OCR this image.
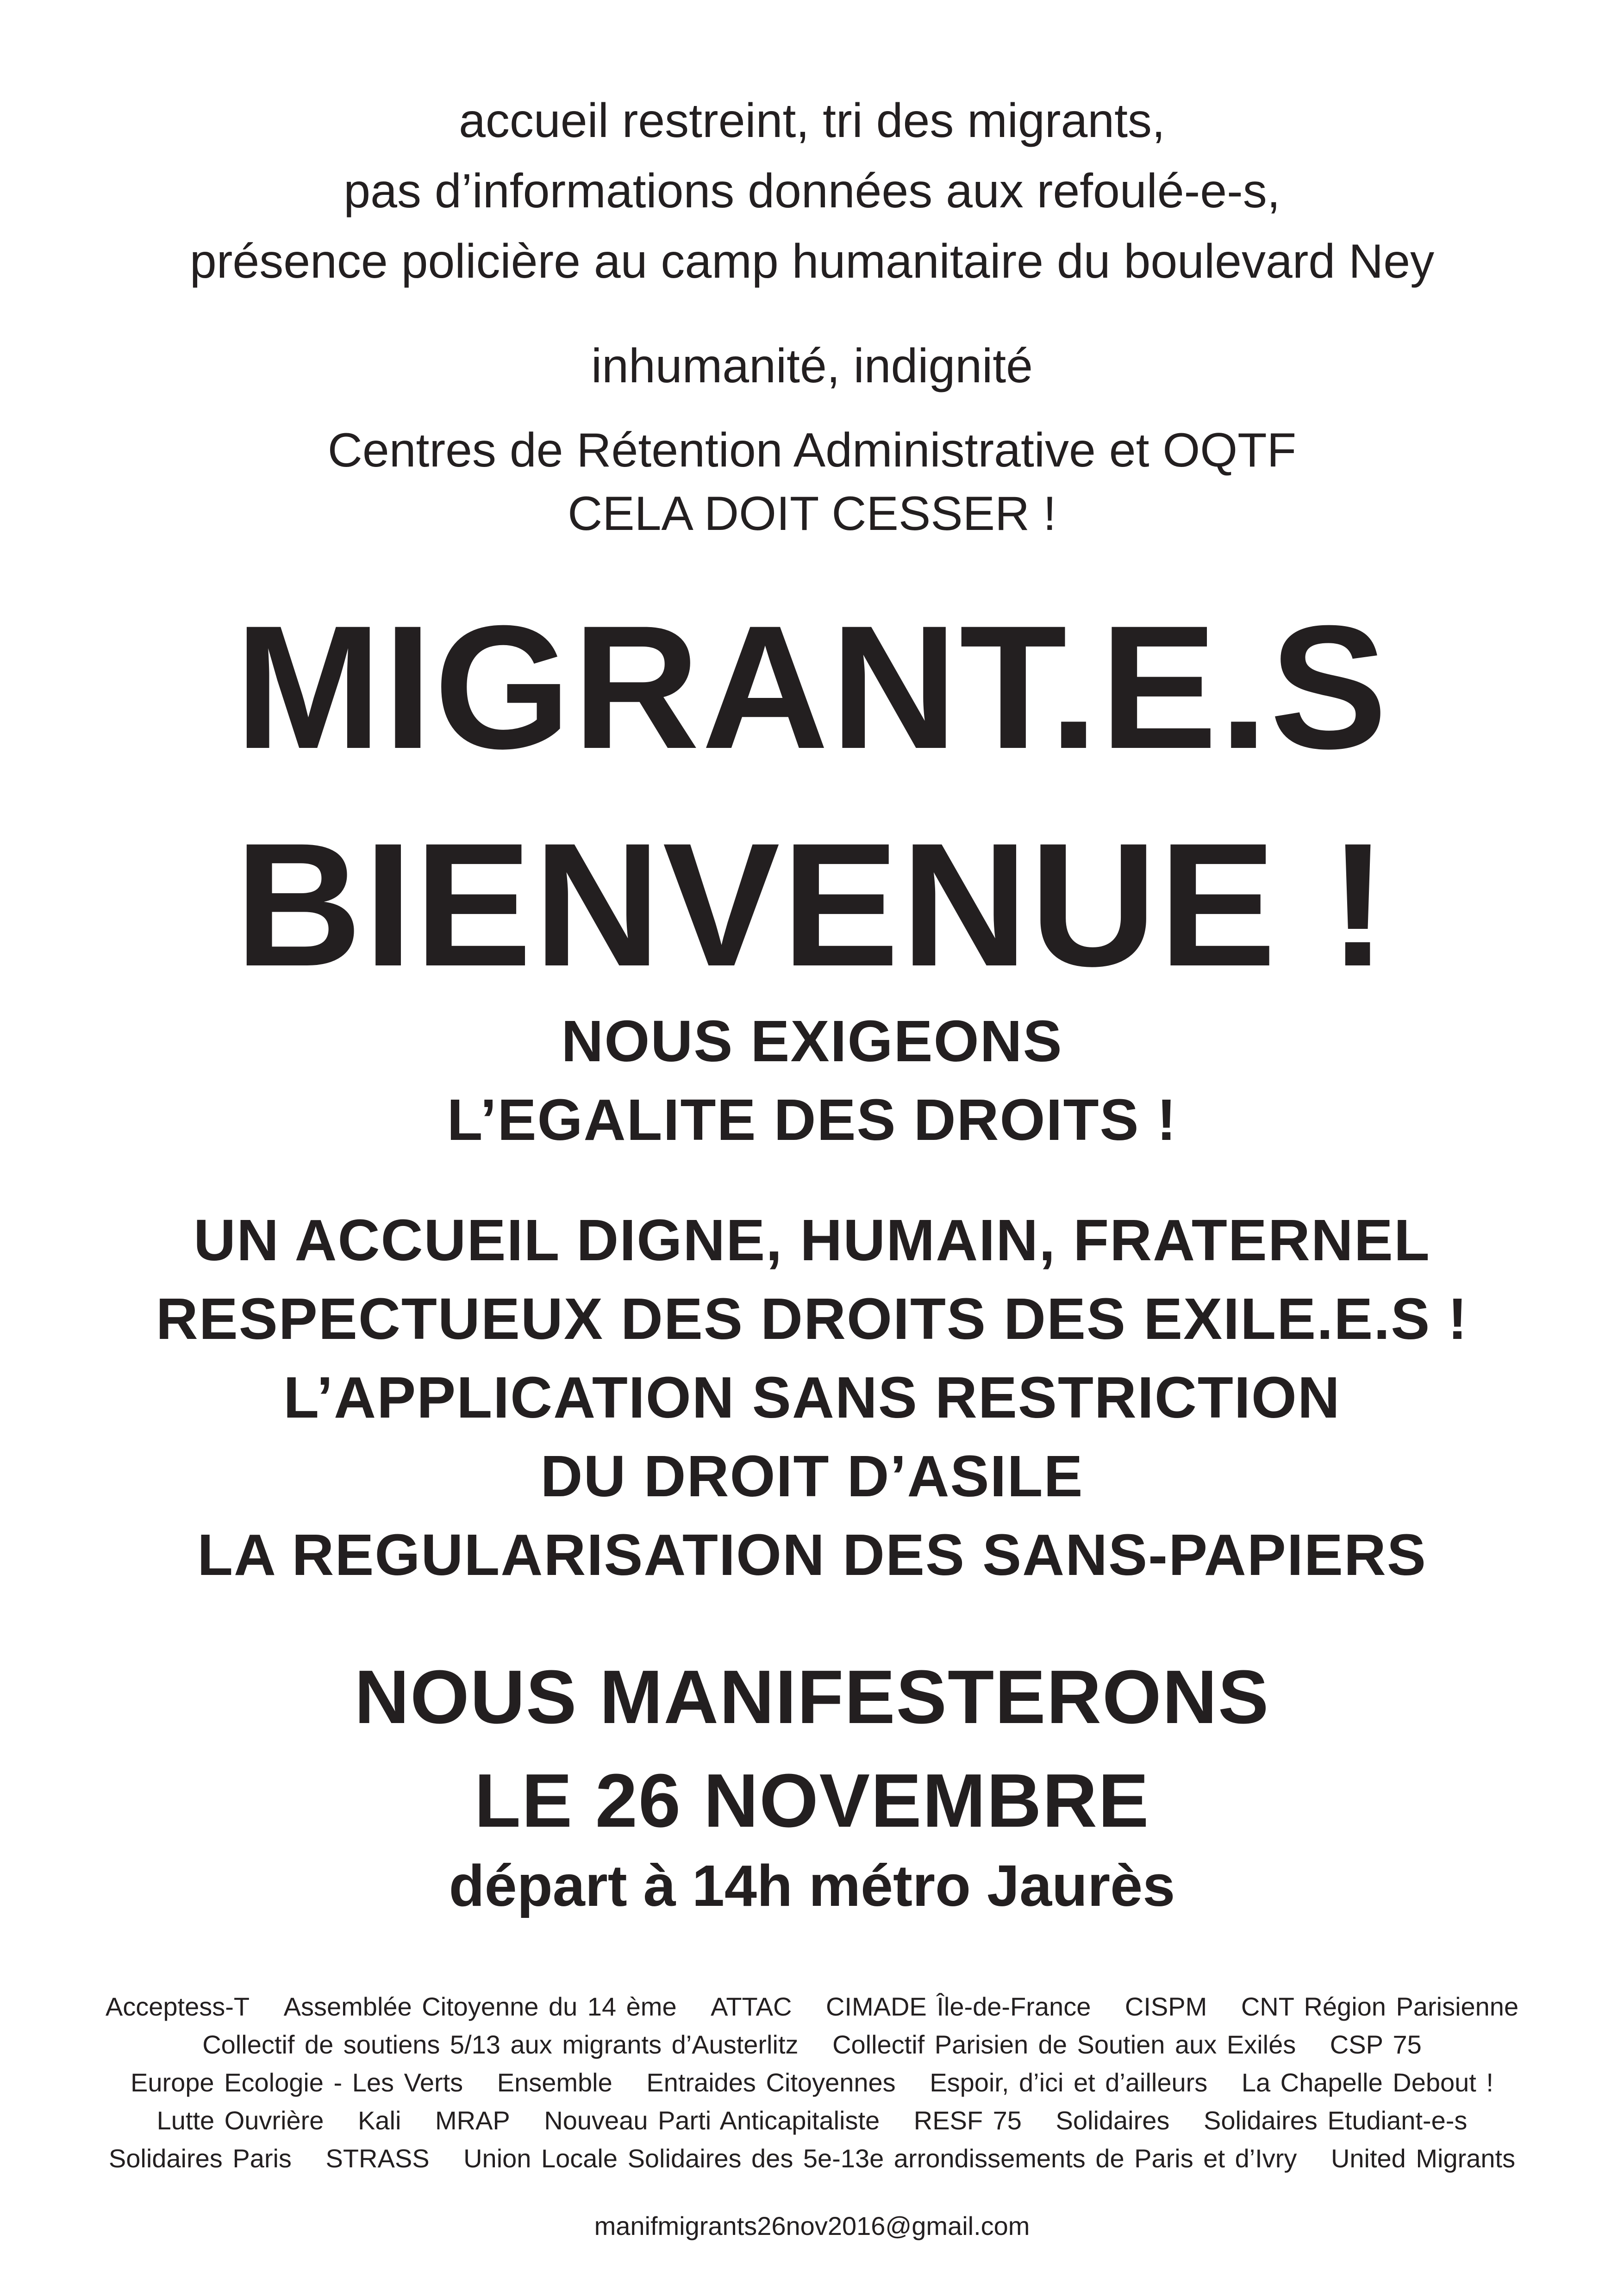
accueil restreint, tri des migrants,
pas d’informations données aux refoulé-e-s,
présence policière au camp humanitaire du boulevard Ney
inhumanité, indignité
Centres de Rétention Administrative et OQTF
CELA DOIT CESSER !
MIGRANT.E.S
BIENVENUE !
NOUS EXIGEONS
L’EGALITE DES DROITS !
UN ACCUEIL DIGNE, HUMAIN, FRATERNEL
RESPECTUEUX DES DROITS DES EXILE.E.S !
L’APPLICATION SANS RESTRICTION
DU DROIT D’ASILE
LA REGULARISATION DES SANS-PAPIERS
NOUS MANIFESTERONS
LE 26 NOVEMBRE
départ à 14h métro Jaurès
Acceptess-T Assemblée Citoyenne du 14 ème ATTAC CIMADE Île-de-France CISPM CNT Région Parisienne
Collectif de soutiens 5/13 aux migrants d’Austerlitz Collectif Parisien de Soutien aux Exilés CSP 75
Europe Ecologie - Les Verts Ensemble Entraides Citoyennes Espoir, d’ici et d’ailleurs La Chapelle Debout !
Lutte Ouvrière Kali MRAP Nouveau Parti Anticapitaliste RESF 75 Solidaires Solidaires Etudiant-e-s
Solidaires Paris STRASS Union Locale Solidaires des 5e-13e arrondissements de Paris et d’Ivry United Migrants
manifmigrants26nov2016@gmail.com
